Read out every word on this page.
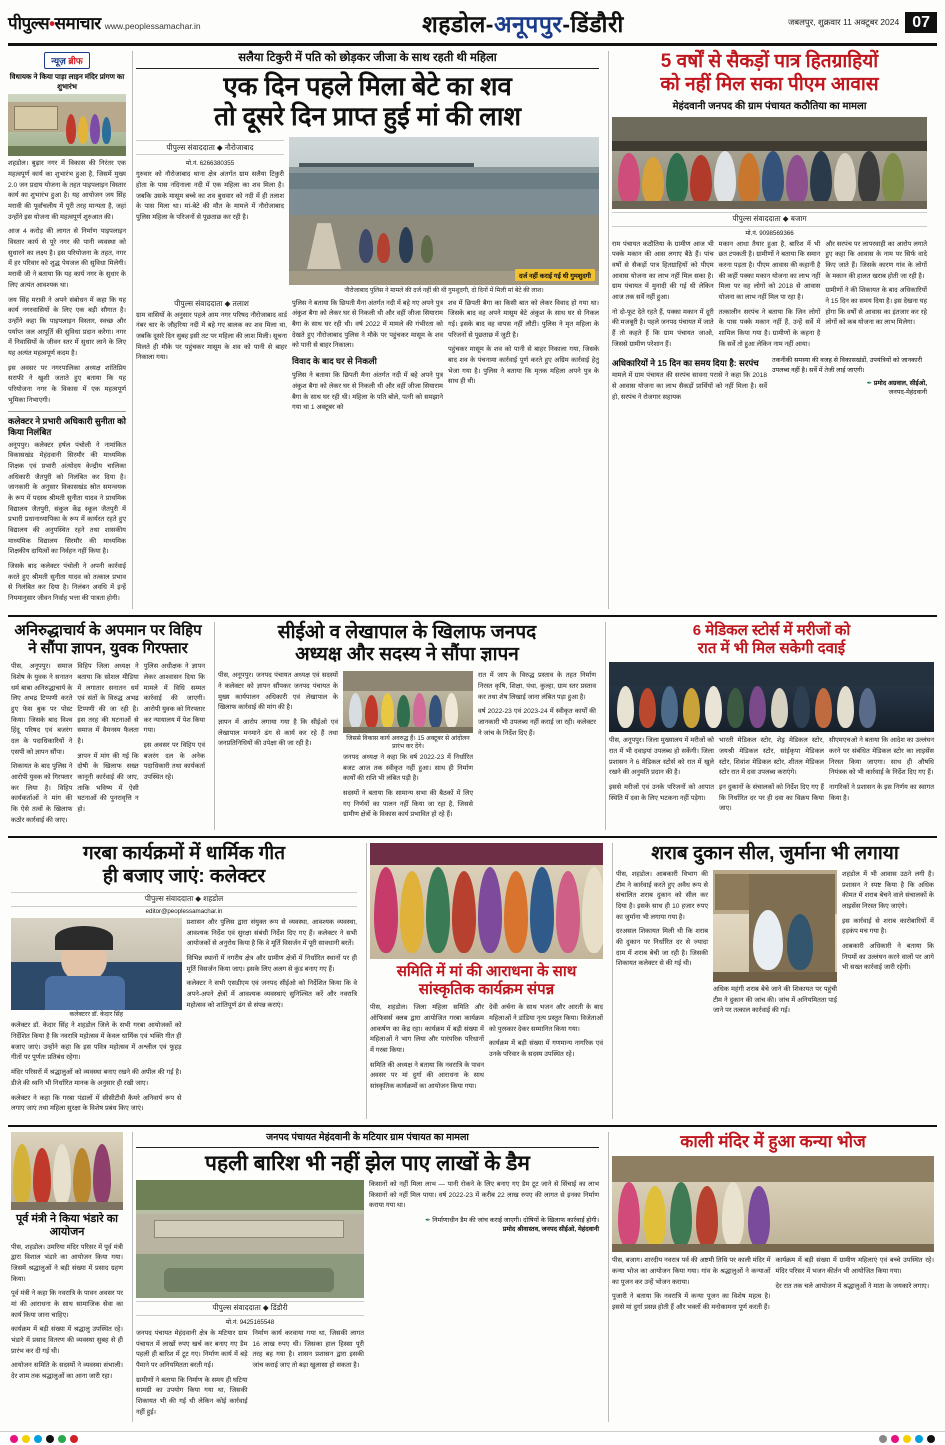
पीपुल्स•समाचार www.peoplessamachar.in	शहडोल-अनूपपुर-डिंडौरी	जबलपुर, शुक्रवार 11 अक्टूबर 2024 07
न्यूज़ ब्रीफ
विधायक ने किया पाड़ा लाइन मंदिर प्रांगण का शुभारंभ

शहडोल। बुढ़ार नगर में विकास की निरंतर एक महत्वपूर्ण कार्य का शुभारंभ हुआ है, जिसमें मुख्य 2.0 जन प्रदाय योजना के तहत पाइपलाइन विस्तार कार्य का शुभारंभ हुआ है। यह आयोजन जय सिंह मरावी की पूर्वांचलीय में पूरी तरह मान्यता है, जहां उन्होंने इस योजना की महत्वपूर्ण शुरुआत की।

आज 4 करोड़ की लागत से निर्माण पाइपलाइन विस्तार कार्य से पूरे नगर की पानी व्यवस्था को सुधारने का लक्ष्य है। इस परियोजना के तहत, नगर में हर परिवार को शुद्ध पेयजल की सुविधा मिलेगी। मरावी जी ने बताया कि यह कार्य नगर के सुधार के लिए अत्यंत आवश्यक था।

जय सिंह मरावी ने अपने संबोधन में कहा कि यह कार्य नगरवासियों के लिए एक बड़ी सौगात है। उन्होंने कहा कि पाइपलाइन विस्तार, स्वच्छ और पर्याप्त जल आपूर्ति की सुविधा प्रदान करेगा। नगर में निवासियों के जीवन स्तर में सुधार लाने के लिए यह अत्यंत महत्वपूर्ण कदम है।

इस अवसर पर नगरपालिका अध्यक्ष शांतिप्रिय सराफी ने खुशी जताते हुए बताया कि यह परियोजना नगर के विकास में एक महत्वपूर्ण भूमिका निभाएगी।

कलेक्टर ने प्रभारी अधिकारी सुनीता को किया निलंबित

अनूपपुर। कलेक्टर हर्षल पंचोली ने नामांकित विकासखंड मेहंदवानी सिरमौर की माध्यमिक शिक्षक एवं प्रभारी अंत्योदय केन्द्रीय चालिका अधिकारी जैतपुरी को निलंबित कर दिया है। जानकारी के अनुसार विकासखंड स्रोत समन्वयक के रूप में पदस्थ श्रीमती सुनीता यादव ने प्राथमिक विद्यालय जैतपुरी, संकुल केंद्र स्कूल जैतपुरी में प्रभारी प्रधानाध्यापिका के रूप में कार्यरत रहते हुए विद्यालय की अनुपस्थित रहने तथा शासकीय माध्यमिक विद्यालय सिरमौर की माध्यमिक शिक्षकीय दायित्वों का निर्वहन नहीं किया है।

जिसके बाद कलेक्टर पंचोली ने अपनी कार्रवाई करते हुए श्रीमती सुनीता यादव को तत्काल प्रभाव से निलंबित कर दिया है। निलंबन अवधि में इन्हें नियमानुसार जीवन निर्वाह भत्ता की पात्रता होगी।

सलैया टिकुरी में पति को छोड़कर जीजा के साथ रहती थी महिला
एक दिन पहले मिला बेटे का शव
तो दूसरे दिन प्राप्त हुई मां की लाश
पीपुल्स संवाददाता ◆ नौरोजाबाद
मो.नं. 6266380355

गुरुवार को नौरोजाबाद थाना क्षेत्र अंतर्गत ग्राम सलैया टिकुरी होता के पास नदिनाला नदी में एक महिला का शव मिला है। जबकि उसके मासूम बच्चे का शव बुधवार को नदी में ही तलाश के पास मिला था। मां-बेटे की मौत के मामले में नौरोजाबाद पुलिस महिला के परिजनों से पूछताछ कर रही है।

दर्ज नहीं कराई गई थी गुमशुदगी
नौरोजाबाद पुलिस ने मामले की दर्ज नहीं की थी गुमशुदगी, दो दिनों में मिली मां बेटे की लाश।
पीपुल्स संवाददाता ◆ तलाश

ग्राम वासियों के अनुसार पहले आम नगर परिषद नौरोजाबाद वार्ड नंबर चार के जौहरिया नदी में बहे गए बालक का शव मिला था, जबकि दूसरे दिन सुबह इसी तट पर महिला की लाश मिली। सूचना मिलते ही मौके पर पहुंचकर मासूम के शव को पानी से बाहर निकाला गया।

पुलिस ने बताया कि छिपती मैना अंतर्गत नदी में बहे गए अपने पुत्र अंकुश बैगा को लेकर घर से निकली थी और वहीं जीजा सियाराम बैगा के साथ घर रही थी। वर्ष 2022 में मामले की गंभीरता को देखते हुए नौरोजाबाद पुलिस ने मौके पर पहुंचकर मासूम के शव को पानी से बाहर निकाला।

विवाद के बाद घर से निकली

पुलिस ने बताया कि छिपती मैना अंतर्गत नदी में बहे अपने पुत्र अंकुश बैगा को लेकर घर से निकली थी और वहीं जीजा सियाराम बैगा के साथ घर रही थी। महिला के पति बोले, पत्नी को समझाने गया था 1 अक्टूबर को

शव में छिपती बैगा का किसी बात को लेकर विवाद हो गया था। जिसके बाद वह अपने मासूम बेटे अंकुश के साथ घर से निकल गई। इसके बाद वह वापस नहीं लौटी। पुलिस ने मृत महिला के परिजनों से पूछताछ में जुटी है।

पहुंचकर मासूम के शव को पानी से बाहर निकाला गया, जिसके बाद शव के पंचनामा कार्रवाई पूर्ण करते हुए अग्रिम कार्रवाई हेतु भेजा गया है। पुलिस ने बताया कि मृतक महिला अपने पुत्र के साथ ही थी।

5 वर्षों से सैकड़ों पात्र हितग्राहियों
को नहीं मिल सका पीएम आवास
मेहंदवानी जनपद की ग्राम पंचायत कठौतिया का मामला
पीपुल्स संवाददाता ◆ बजाग
मो.नं. 9098569366

राम पंचायत कठौतिया के ग्रामीण आज भी पक्के मकान की आस लगाए बैठे हैं। पांच वर्षों से सैकड़ों पात्र हितग्राहियों को पीएम आवास योजना का लाभ नहीं मिल सका है। ग्राम पंचायत में मुनादी की गई थी लेकिन आज तक सर्वे नहीं हुआ।

नो दो-फूट देते रहते हैं, पक्का मकान में दूरी की मजबूरी है। पहले जनपद पंचायत में जाते हैं तो कहते हैं कि ग्राम पंचायत जाओ, जिससे ग्रामीण परेशान हैं।

मकान आधा तैयार हुआ है, बारिश में भी छत टपकती है। ग्रामीणों ने बताया कि समान करना पड़ता है। पीएम आवास की कहानी है की कहीं पक्का मकान योजना का लाभ नहीं मिला पर वह लोगों को 2018 से आवास योजना का लाभ नहीं मिल पा रहा है।

तत्कालीन सरपंच ने बताया कि जिन लोगों के पास पक्के मकान नहीं हैं, उन्हें सर्वे में शामिल किया गया है। ग्रामीणों के कहना है कि सर्वे तो हुआ लेकिन नाम नहीं आया।

और सरपंच पर लापरवाही का आरोप लगाते हुए कहा कि आवास के नाम पर सिर्फ वादे किए जाते हैं। जिसके कारण गांव के लोगों के मकान की हालत खराब होती जा रही है।

ग्रामीणों ने की शिकायत के बाद अधिकारियों ने 15 दिन का समय दिया है। इस देखना यह होगा कि वर्षों से आवास का इंतजार कर रहे लोगों को कब योजना का लाभ मिलेगा।

अधिकारियों ने 15 दिन का समय दिया है: सरपंच

मामले में ग्राम पंचायत की सरपंच सावना परासे ने कहा कि 2018 से आवास योजना का लाभ सैकड़ों प्रार्थियों को नहीं मिला है। सर्वे हो, सरपंच ने रोजगार सहायक

तकनीकी समस्या की वजह से विकासखंडों, उपयंत्रियों को जानकारी उपलब्ध नहीं है। सर्वे में तेजी लाई जाएगी।
✒ प्रमोद अग्रवाल, सीईओ,
जनपद-मेहंदवानी
अनिरुद्धाचार्य के अपमान पर विहिप
ने सौंपा ज्ञापन, युवक गिरफ्तार

पीस, अनूपपुर। समाज विशेष के युवक ने सनातन धर्म बाबा अनिरुद्धाचार्य के लिए अभद्र टिप्पणी करते हुए फेस बुक पर पोस्ट किया। जिसके बाद विश्व हिंदू परिषद एवं बजरंग दल के पदाधिकारियों ने एसपी को ज्ञापन सौंपा।

शिकायत के बाद पुलिस ने आरोपी युवक को गिरफ्तार कर लिया है। विहिप कार्यकर्ताओं ने मांग की कि ऐसे तत्वों के खिलाफ कठोर कार्रवाई की जाए।

विहिप जिला अध्यक्ष ने बताया कि सोशल मीडिया में लगातार सनातन धर्म एवं संतों के विरुद्ध अभद्र टिप्पणी की जा रही है। इस तरह की घटनाओं से समाज में वैमनस्य फैलता है।

ज्ञापन में मांग की गई कि दोषी के खिलाफ सख्त कानूनी कार्रवाई की जाए, ताकि भविष्य में ऐसी घटनाओं की पुनरावृत्ति न हो।

पुलिस अधीक्षक ने ज्ञापन लेकर आश्वासन दिया कि मामले में विधि सम्मत कार्रवाई की जाएगी। आरोपी युवक को गिरफ्तार कर न्यायालय में पेश किया गया।

इस अवसर पर विहिप एवं बजरंग दल के अनेक पदाधिकारी तथा कार्यकर्ता उपस्थित रहे।

सीईओ व लेखापाल के खिलाफ जनपद
अध्यक्ष और सदस्य ने सौंपा ज्ञापन

पीस, अनूपपुर। जनपद पंचायत अध्यक्ष एवं सदस्यों ने कलेक्टर को ज्ञापन सौंपकर जनपद पंचायत के मुख्य कार्यपालन अधिकारी एवं लेखापाल के खिलाफ कार्रवाई की मांग की है।

ज्ञापन में आरोप लगाया गया है कि सीईओ एवं लेखापाल मनमाने ढंग से कार्य कर रहे हैं तथा जनप्रतिनिधियों की उपेक्षा की जा रही है।

जिससे विकास कार्य अवरुद्ध हैं। 15 अक्टूबर से आंदोलन प्रारंभ कर देंगे।

जनपद अध्यक्ष ने कहा कि वर्ष 2022-23 में निर्धारित बजट आज तक स्वीकृत नहीं हुआ। साथ ही निर्माण कार्यों की राशि भी लंबित पड़ी है।

सदस्यों ने बताया कि सामान्य सभा की बैठकों में लिए गए निर्णयों का पालन नहीं किया जा रहा है, जिससे ग्रामीण क्षेत्रों के विकास कार्य प्रभावित हो रहे हैं।

रात में जाप के विरुद्ध प्रस्ताव के तहत निर्माण निरस्त कृषि, शिक्षा, पंथा, कुल्हा, ग्राम स्तर प्रस्ताव कर तथा शेष लिखाई जाना लंबित पड़ा हुआ है।

वर्ष 2022-23 एवं 2023-24 में स्वीकृत कार्यों की जानकारी भी उपलब्ध नहीं कराई जा रही। कलेक्टर ने जांच के निर्देश दिए हैं।

6 मेडिकल स्टोर्स में मरीजों को
रात में भी मिल सकेगी दवाई

पीस, अनूपपुर। जिला मुख्यालय में मरीजों को रात में भी दवाइयां उपलब्ध हो सकेंगी। जिला प्रशासन ने 6 मेडिकल स्टोर्स को रात में खुले रखने की अनुमति प्रदान की है।

इससे मरीजों एवं उनके परिजनों को आपात स्थिति में दवा के लिए भटकना नहीं पड़ेगा।

भारती मेडिकल स्टोर, शेड्र मेडिकल स्टोर, जयश्री मेडिकल स्टोर, सांईकृपा मेडिकल स्टोर, शिवांश मेडिकल स्टोर, शीतल मेडिकल स्टोर रात में दवा उपलब्ध कराएंगे।

इन दुकानों के संचालकों को निर्देश दिए गए हैं कि निर्धारित दर पर ही दवा का विक्रय किया जाए।

सीएमएचओ ने बताया कि आदेश का उल्लंघन करने पर संबंधित मेडिकल स्टोर का लाइसेंस निरस्त किया जाएगा। साथ ही औषधि नियंत्रक को भी कार्रवाई के निर्देश दिए गए हैं।

नागरिकों ने प्रशासन के इस निर्णय का स्वागत किया है।

गरबा कार्यक्रमों में धार्मिक गीत
ही बजाए जाएं: कलेक्टर
पीपुल्स संवाददाता ◆ शहडोल
editor@peoplessamachar.in
कलेक्टरर डॉ. केदार सिंह

कलेक्टर डॉ. केदार सिंह ने शहडोल जिले के सभी गरबा आयोजकों को निर्देशित किया है कि नवरात्रि महोत्सव में केवल धार्मिक एवं भक्ति गीत ही बजाए जाएं। उन्होंने कहा कि इस पवित्र महोत्सव में अश्लील एवं फूहड़ गीतों पर पूर्णतः प्रतिबंध रहेगा।

मंदिर परिसरों में श्रद्धालुओं को व्यवस्था बनाए रखने की अपील की गई है। डीजे की ध्वनि भी निर्धारित मानक के अनुसार ही रखी जाए।

कलेक्टर ने कहा कि गरबा पंडालों में सीसीटीवी कैमरे अनिवार्य रूप से लगाए जाएं तथा महिला सुरक्षा के विशेष प्रबंध किए जाएं।

प्रशासन और पुलिस द्वारा संयुक्त रूप से व्यवस्था, आवश्यक व्यवस्था, आवश्यक निर्देश एवं सुरक्षा संबंधी निर्देश दिए गए हैं। कलेक्टर ने सभी आयोजकों से अनुरोध किया है कि वे मूर्ति विसर्जन में पूरी सावधानी बरतें।

विभिन्न स्थानों में नगरीय क्षेत्र और ग्रामीण क्षेत्रों में निर्धारित स्थानों पर ही मूर्ति विसर्जन किया जाए। इसके लिए अलग से कुंड बनाए गए हैं।

कलेक्टर ने सभी एसडीएम एवं जनपद सीईओ को निर्देशित किया कि वे अपने-अपने क्षेत्रों में आवश्यक व्यवस्थाएं सुनिश्चित करें और नवरात्रि महोत्सव को शांतिपूर्ण ढंग से संपन्न कराएं।

समिति में मां की आराधना के साथ
सांस्कृतिक कार्यक्रम संपन्न

पीस, शहडोल। जिला महिला समिति और ऑफिसर्स क्लब द्वारा आयोजित गरबा कार्यक्रम आकर्षण का केंद्र रहा। कार्यक्रम में बड़ी संख्या में महिलाओं ने भाग लिया और पारंपरिक परिधानों में गरबा किया।

समिति की अध्यक्ष ने बताया कि नवरात्रि के पावन अवसर पर मां दुर्गा की आराधना के साथ सांस्कृतिक कार्यक्रमों का आयोजन किया गया।

देवी अर्चना के साथ भजन और आरती के बाद महिलाओं ने डांडिया नृत्य प्रस्तुत किया। विजेताओं को पुरस्कार देकर सम्मानित किया गया।

कार्यक्रम में बड़ी संख्या में गणमान्य नागरिक एवं उनके परिवार के सदस्य उपस्थित रहे।

शराब दुकान सील, जुर्माना भी लगाया

पीस, शहडोल। आबकारी विभाग की टीम ने कार्रवाई करते हुए अवैध रूप से संचालित शराब दुकान को सील कर दिया है। इसके साथ ही 10 हजार रुपए का जुर्माना भी लगाया गया है।

दरअसल शिकायत मिली थी कि शराब की दुकान पर निर्धारित दर से ज्यादा दाम में शराब बेची जा रही है। जिसकी शिकायत कलेक्टर से की गई थी।

अधिक महंगी शराब बेचे जाने की शिकायत पर पहुंची टीम ने दुकान की जांच की। जांच में अनियमितता पाई जाने पर तत्काल कार्रवाई की गई।

शहडोल में भी आवास उठने लगी है। प्रशासन ने स्पष्ट किया है कि अधिक कीमत में शराब बेचने वाले संचालकों के लाइसेंस निरस्त किए जाएंगे।

इस कार्रवाई से शराब कारोबारियों में हड़कंप मच गया है।

आबकारी अधिकारी ने बताया कि नियमों का उल्लंघन करने वालों पर आगे भी सख्त कार्रवाई जारी रहेगी।

पूर्व मंत्री ने किया भंडारे का आयोजन

पीस, शहडोल। उमरिया मंदिर परिसर में पूर्व मंत्री द्वारा विशाल भंडारे का आयोजन किया गया। जिसमें श्रद्धालुओं ने बड़ी संख्या में प्रसाद ग्रहण किया।

पूर्व मंत्री ने कहा कि नवरात्रि के पावन अवसर पर मां की आराधना के साथ सामाजिक सेवा का कार्य किया जाना चाहिए।

कार्यक्रम में बड़ी संख्या में श्रद्धालु उपस्थित रहे। भंडारे में प्रसाद वितरण की व्यवस्था सुबह से ही प्रारंभ कर दी गई थी।

आयोजन समिति के सदस्यों ने व्यवस्था संभाली। देर शाम तक श्रद्धालुओं का आना जारी रहा।

जनपद पंचायत मेहंदवानी के मटियार ग्राम पंचायत का मामला
पहली बारिश भी नहीं झेल पाए लाखों के डैम
पीपुल्स संवाददाता ◆ डिंडौरी
मो.नं. 9425165548

जनपद पंचायत मेहंदवानी क्षेत्र के मटियार ग्राम पंचायत में लाखों रुपए खर्च कर बनाए गए डैम पहली ही बारिश में टूट गए। निर्माण कार्य में बड़े पैमाने पर अनियमितता बरती गई।

ग्रामीणों ने बताया कि निर्माण के समय ही घटिया सामग्री का उपयोग किया गया था, जिसकी शिकायत भी की गई थी लेकिन कोई कार्रवाई नहीं हुई।

निर्माण कार्य करवाया गया था, जिसकी लागत 16 लाख रुपए थी। जिसका हाल हिस्सा पूरी तरह बह गया है। शासन प्रशासन द्वारा इसकी जांच कराई जाए तो बड़ा खुलासा हो सकता है।

किसानों को नहीं मिला लाभ — पानी रोकने के लिए बनाए गए डैम टूट जाने से सिंचाई का लाभ किसानों को नहीं मिल पाया। वर्ष 2022-23 में करीब 22 लाख रुपए की लागत से इनका निर्माण कराया गया था।

✒ निर्माणाधीन डैम की जांच कराई जाएगी। दोषियों के खिलाफ कार्रवाई होगी।
प्रमोद श्रीवास्तव, जनपद सीईओ, मेहंदवानी
काली मंदिर में हुआ कन्या भोज

पीस, बजाग। शारदीय नवरात्र पर्व की अष्टमी तिथि पर काली मंदिर में कन्या भोज का आयोजन किया गया। गांव के श्रद्धालुओं ने कन्याओं का पूजन कर उन्हें भोजन कराया।

पुजारी ने बताया कि नवरात्रि में कन्या पूजन का विशेष महत्व है। इससे मां दुर्गा प्रसन्न होती हैं और भक्तों की मनोकामना पूर्ण करती हैं।

कार्यक्रम में बड़ी संख्या में ग्रामीण महिलाएं एवं बच्चे उपस्थित रहे। मंदिर परिसर में भजन कीर्तन भी आयोजित किया गया।

देर रात तक चले आयोजन में श्रद्धालुओं ने माता के जयकारे लगाए।
